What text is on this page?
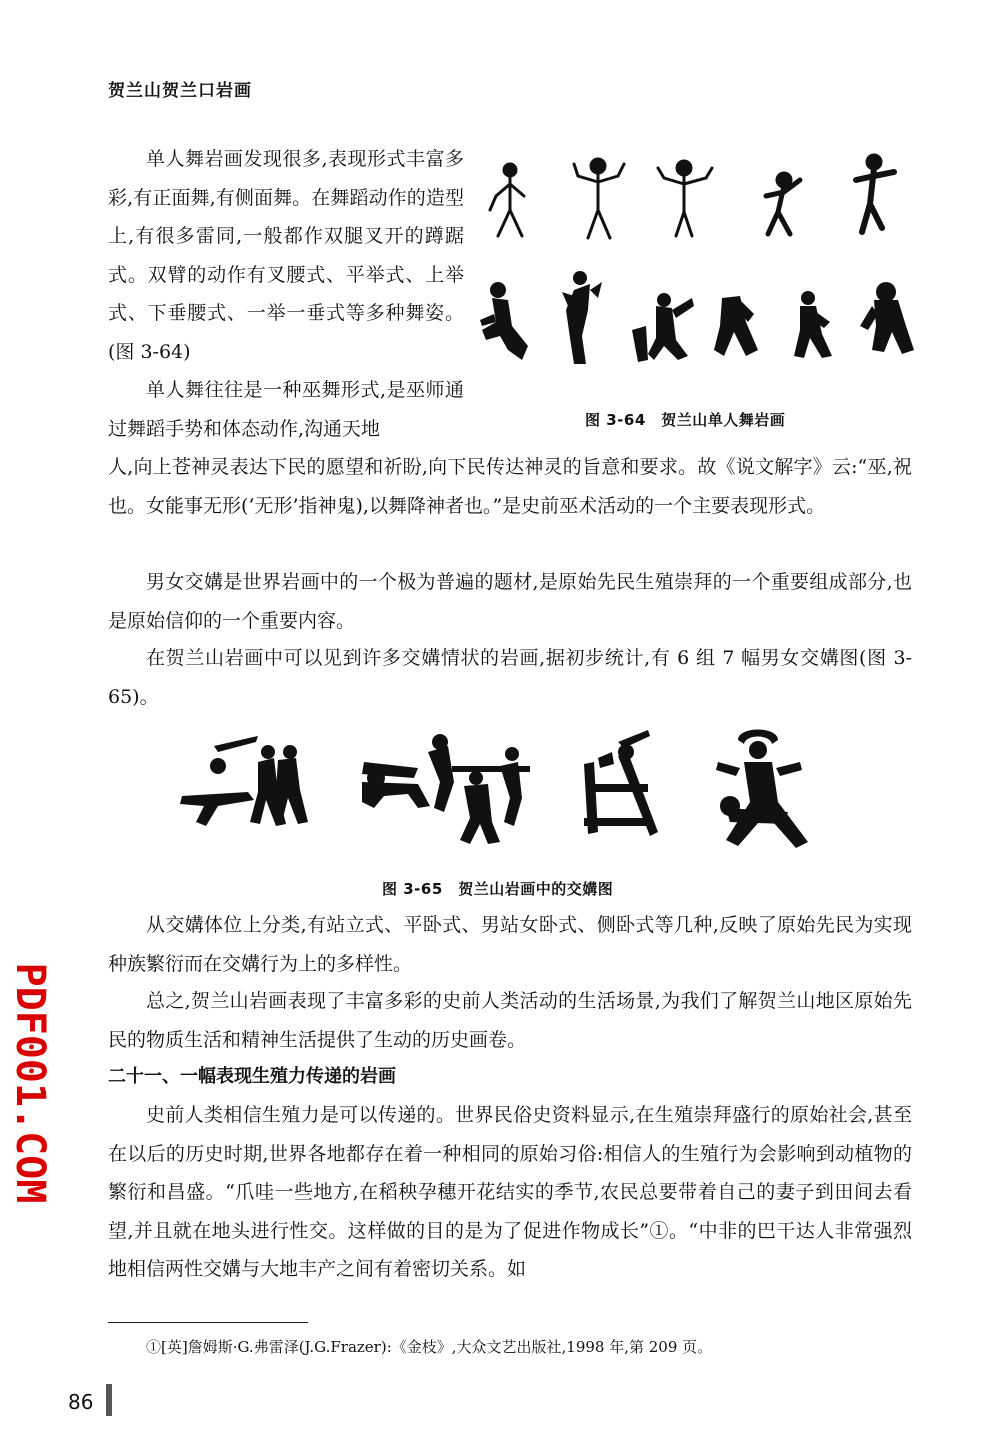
贺兰山贺兰口岩画

单人舞岩画发现很多,表现形式丰富多彩,有正面舞,有侧面舞。在舞蹈动作的造型上,有很多雷同,一般都作双腿叉开的蹲踞式。双臂的动作有叉腰式、平举式、上举式、下垂腰式、一举一垂式等多种舞姿。(图 3-64)

单人舞往往是一种巫舞形式,是巫师通过舞蹈手势和体态动作,沟通天地	图 3-64　贺兰山单人舞岩画

人,向上苍神灵表达下民的愿望和祈盼,向下民传达神灵的旨意和要求。故《说文解字》云:“巫,祝也。女能事无形(‘无形’指神鬼),以舞降神者也。”是史前巫术活动的一个主要表现形式。

男女交媾是世界岩画中的一个极为普遍的题材,是原始先民生殖崇拜的一个重要组成部分,也是原始信仰的一个重要内容。

在贺兰山岩画中可以见到许多交媾情状的岩画,据初步统计,有 6 组 7 幅男女交媾图(图 3-65)。

图 3-65　贺兰山岩画中的交媾图

从交媾体位上分类,有站立式、平卧式、男站女卧式、侧卧式等几种,反映了原始先民为实现种族繁衍而在交媾行为上的多样性。

总之,贺兰山岩画表现了丰富多彩的史前人类活动的生活场景,为我们了解贺兰山地区原始先民的物质生活和精神生活提供了生动的历史画卷。

二十一、一幅表现生殖力传递的岩画

史前人类相信生殖力是可以传递的。世界民俗史资料显示,在生殖崇拜盛行的原始社会,甚至在以后的历史时期,世界各地都存在着一种相同的原始习俗:相信人的生殖行为会影响到动植物的繁衍和昌盛。“爪哇一些地方,在稻秧孕穗开花结实的季节,农民总要带着自己的妻子到田间去看望,并且就在地头进行性交。这样做的目的是为了促进作物成长”①。“中非的巴干达人非常强烈地相信两性交媾与大地丰产之间有着密切关系。如

①[英]詹姆斯·G.弗雷泽(J.G.Frazer):《金枝》,大众文艺出版社,1998 年,第 209 页。
86
PDF001.COM
